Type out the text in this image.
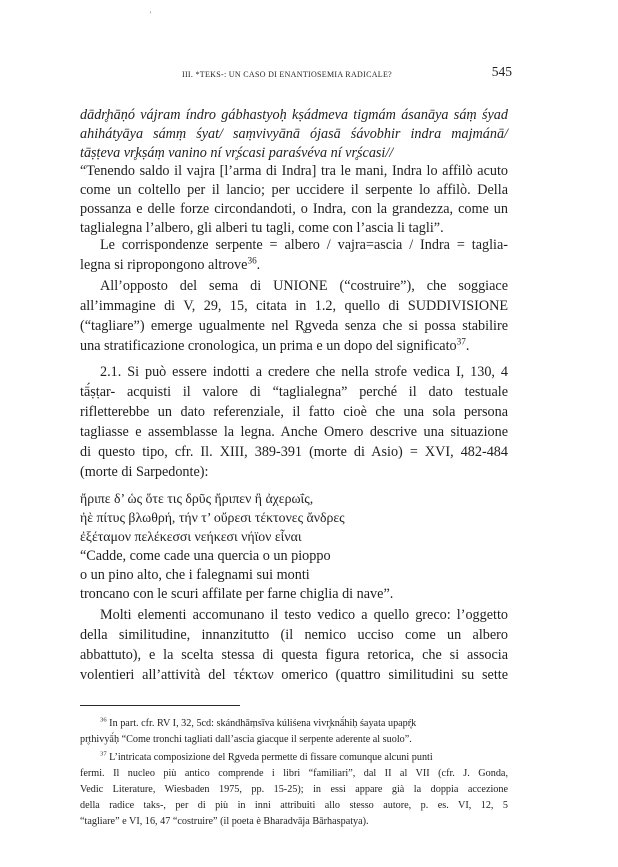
'
III. *TEKS-: UN CASO DI ENANTIOSEMIA RADICALE?	545
dādr̥hāṇó vájram índro gábhastyoḥ kṣádmeva tigmám ásanāya sáṃ śyad
ahihátyāya sámṃ śyat/ saṃvivyānā ójasā śávobhir indra majmánā/
tāṣṭeva vr̥kṣáṃ vanino ní vr̥ścasi paraśvéva ní vr̥ścasi//
“Tenendo saldo il vajra [l’arma di Indra] tra le mani, Indra lo affilò acuto
come un coltello per il lancio; per uccidere il serpente lo affilò. Della
possanza e delle forze circondandoti, o Indra, con la grandezza, come un
taglialegna l’albero, gli alberi tu tagli, come con l’ascia li tagli”.
Le corrispondenze serpente = albero / vajra=ascia / Indra = taglia-
legna si ripropongono altrove$^{36}$.
All’opposto del sema di UNIONE (“costruire”), che soggiace
all’immagine di V, 29, 15, citata in 1.2, quello di SUDDIVISIONE
(“tagliare”) emerge ugualmente nel R̥gveda senza che si possa stabilire
una stratificazione cronologica, un prima e un dopo del significato$^{37}$.
2.1. Si può essere indotti a credere che nella strofe vedica I, 130, 4
tā́ṣṭar- acquisti il valore di “taglialegna” perché il dato testuale
rifletterebbe un dato referenziale, il fatto cioè che una sola persona
tagliasse e assemblasse la legna. Anche Omero descrive una situazione
di questo tipo, cfr. Il. XIII, 389-391 (morte di Asio) = XVI, 482-484
(morte di Sarpedonte):
ἤριπε δ’ ὡς ὅτε τις δρῦς ἤριπεν ἢ ἀχερωΐς,
ἠὲ πίτυς βλωθρή, τήν τ’ οὔρεσι τέκτονες ἄνδρες
ἐξέταμον πελέκεσσι νεήκεσι νήϊον εἶναι
“Cadde, come cade una quercia o un pioppo
o un pino alto, che i falegnami sui monti
troncano con le scuri affilate per farne chiglia di nave”.
Molti elementi accomunano il testo vedico a quello greco: l’oggetto
della similitudine, innanzitutto (il nemico ucciso come un albero
abbattuto), e la scelta stessa di questa figura retorica, che si associa
volentieri all’attività del τέκτων omerico (quattro similitudini su sette
$^{36}$ In part. cfr. RV I, 32, 5cd: skándhāṃsīva kúliśena vivr̥knā́hiḥ śayata upapŕ̥k
pr̥thivyā́ḥ “Come tronchi tagliati dall’ascia giacque il serpente aderente al suolo”.
$^{37}$ L’intricata composizione del R̥gveda permette di fissare comunque alcuni punti
fermi. Il nucleo più antico comprende i libri “familiari”, dal II al VII (cfr. J. Gonda,
Vedic Literature, Wiesbaden 1975, pp. 15-25); in essi appare già la doppia accezione
della radice taks-, per di più in inni attribuiti allo stesso autore, p. es. VI, 12, 5
“tagliare” e VI, 16, 47 “costruire” (il poeta è Bharadvāja Bārhaspatya).
